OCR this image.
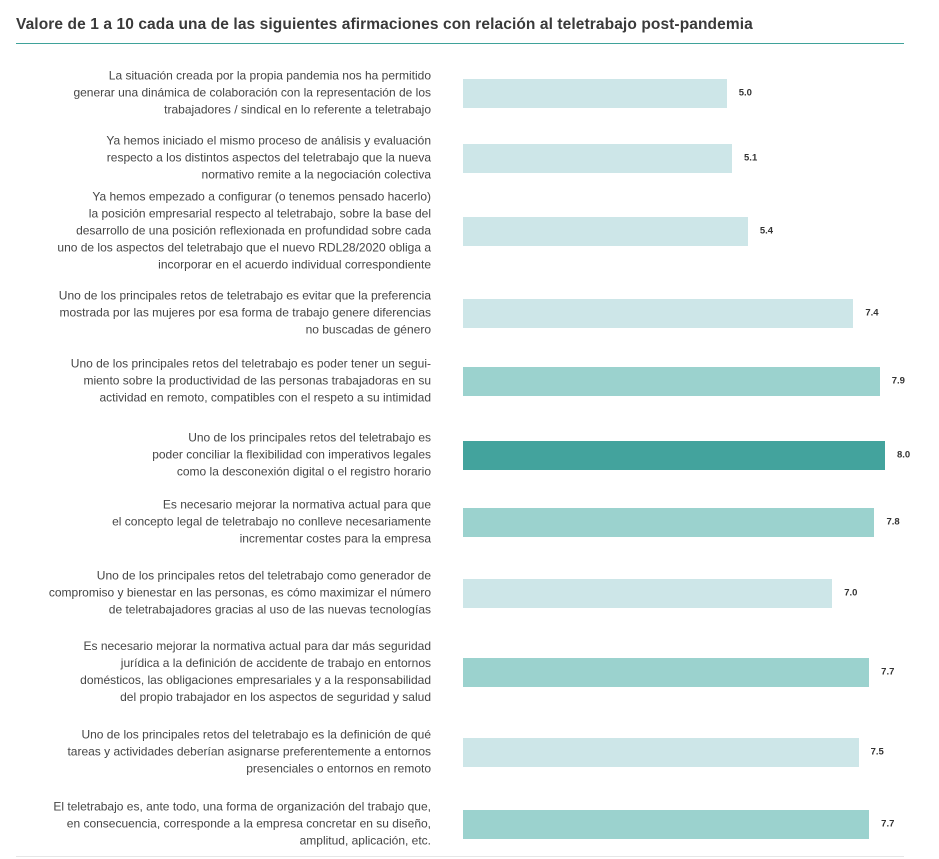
Valore de 1 a 10 cada una de las siguientes afirmaciones con relación al teletrabajo post-pandemia
La situación creada por la propia pandemia nos ha permitido
generar una dinámica de colaboración con la representación de los
trabajadores / sindical en lo referente a teletrabajo
5.0
Ya hemos iniciado el mismo proceso de análisis y evaluación
respecto a los distintos aspectos del teletrabajo que la nueva
normativo remite a la negociación colectiva
5.1
Ya hemos empezado a configurar (o tenemos pensado hacerlo)
la posición empresarial respecto al teletrabajo, sobre la base del
desarrollo de una posición reflexionada en profundidad sobre cada
uno de los aspectos del teletrabajo que el nuevo RDL28/2020 obliga a
incorporar en el acuerdo individual correspondiente
5.4
Uno de los principales retos de teletrabajo es evitar que la preferencia
mostrada por las mujeres por esa forma de trabajo genere diferencias
no buscadas de género
7.4
Uno de los principales retos del teletrabajo es poder tener un segui-
miento sobre la productividad de las personas trabajadoras en su
actividad en remoto, compatibles con el respeto a su intimidad
7.9
Uno de los principales retos del teletrabajo es
poder conciliar la flexibilidad con imperativos legales
como la desconexión digital o el registro horario
8.0
Es necesario mejorar la normativa actual para que
el concepto legal de teletrabajo no conlleve necesariamente
incrementar costes para la empresa
7.8
Uno de los principales retos del teletrabajo como generador de
compromiso y bienestar en las personas, es cómo maximizar el número
de teletrabajadores gracias al uso de las nuevas tecnologías
7.0
Es necesario mejorar la normativa actual para dar más seguridad
jurídica a la definición de accidente de trabajo en entornos
domésticos, las obligaciones empresariales y a la responsabilidad
del propio trabajador en los aspectos de seguridad y salud
7.7
Uno de los principales retos del teletrabajo es la definición de qué
tareas y actividades deberían asignarse preferentemente a entornos
presenciales o entornos en remoto
7.5
El teletrabajo es, ante todo, una forma de organización del trabajo que,
en consecuencia, corresponde a la empresa concretar en su diseño,
amplitud, aplicación, etc.
7.7
